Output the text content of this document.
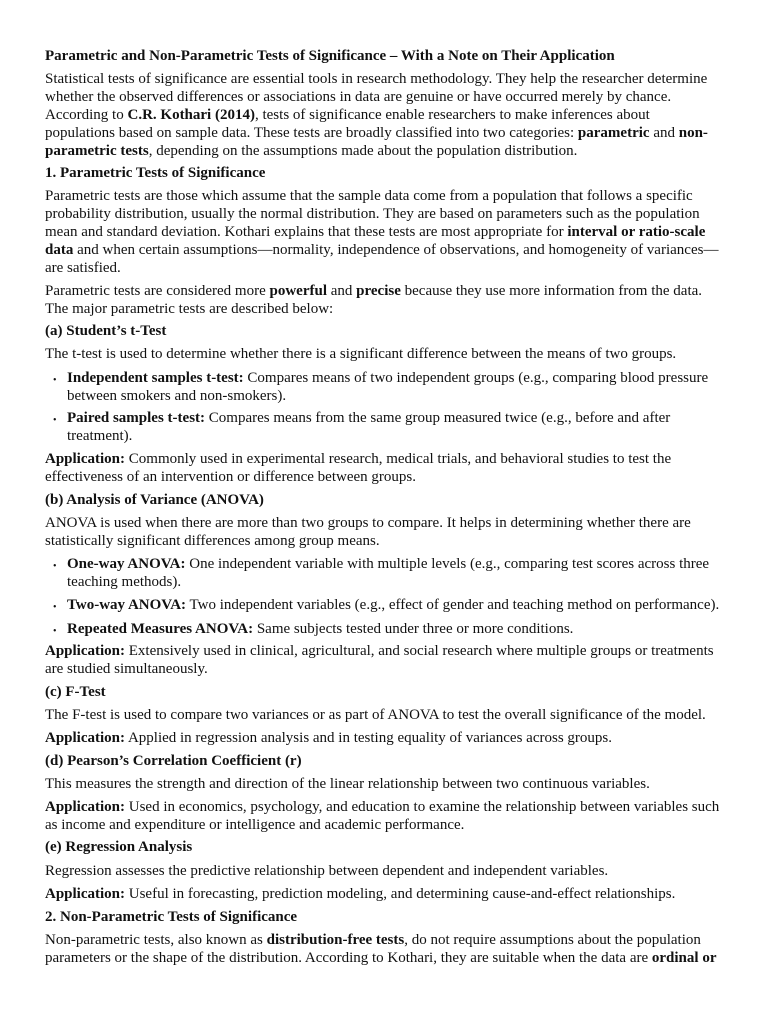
Parametric and Non-Parametric Tests of Significance – With a Note on Their Application
Statistical tests of significance are essential tools in research methodology. They help the researcher determine
whether the observed differences or associations in data are genuine or have occurred merely by chance.
According to C.R. Kothari (2014), tests of significance enable researchers to make inferences about
populations based on sample data. These tests are broadly classified into two categories: parametric and non-
parametric tests, depending on the assumptions made about the population distribution.
1. Parametric Tests of Significance
Parametric tests are those which assume that the sample data come from a population that follows a specific
probability distribution, usually the normal distribution. They are based on parameters such as the population
mean and standard deviation. Kothari explains that these tests are most appropriate for interval or ratio-scale
data and when certain assumptions—normality, independence of observations, and homogeneity of variances—
are satisfied.
Parametric tests are considered more powerful and precise because they use more information from the data.
The major parametric tests are described below:
(a) Student’s t-Test
The t-test is used to determine whether there is a significant difference between the means of two groups.
• Independent samples t-test: Compares means of two independent groups (e.g., comparing blood pressure
between smokers and non-smokers).
• Paired samples t-test: Compares means from the same group measured twice (e.g., before and after
treatment).
Application: Commonly used in experimental research, medical trials, and behavioral studies to test the
effectiveness of an intervention or difference between groups.
(b) Analysis of Variance (ANOVA)
ANOVA is used when there are more than two groups to compare. It helps in determining whether there are
statistically significant differences among group means.
• One-way ANOVA: One independent variable with multiple levels (e.g., comparing test scores across three
teaching methods).
• Two-way ANOVA: Two independent variables (e.g., effect of gender and teaching method on performance).
• Repeated Measures ANOVA: Same subjects tested under three or more conditions.
Application: Extensively used in clinical, agricultural, and social research where multiple groups or treatments
are studied simultaneously.
(c) F-Test
The F-test is used to compare two variances or as part of ANOVA to test the overall significance of the model.
Application: Applied in regression analysis and in testing equality of variances across groups.
(d) Pearson’s Correlation Coefficient (r)
This measures the strength and direction of the linear relationship between two continuous variables.
Application: Used in economics, psychology, and education to examine the relationship between variables such
as income and expenditure or intelligence and academic performance.
(e) Regression Analysis
Regression assesses the predictive relationship between dependent and independent variables.
Application: Useful in forecasting, prediction modeling, and determining cause-and-effect relationships.
2. Non-Parametric Tests of Significance
Non-parametric tests, also known as distribution-free tests, do not require assumptions about the population
parameters or the shape of the distribution. According to Kothari, they are suitable when the data are ordinal or
